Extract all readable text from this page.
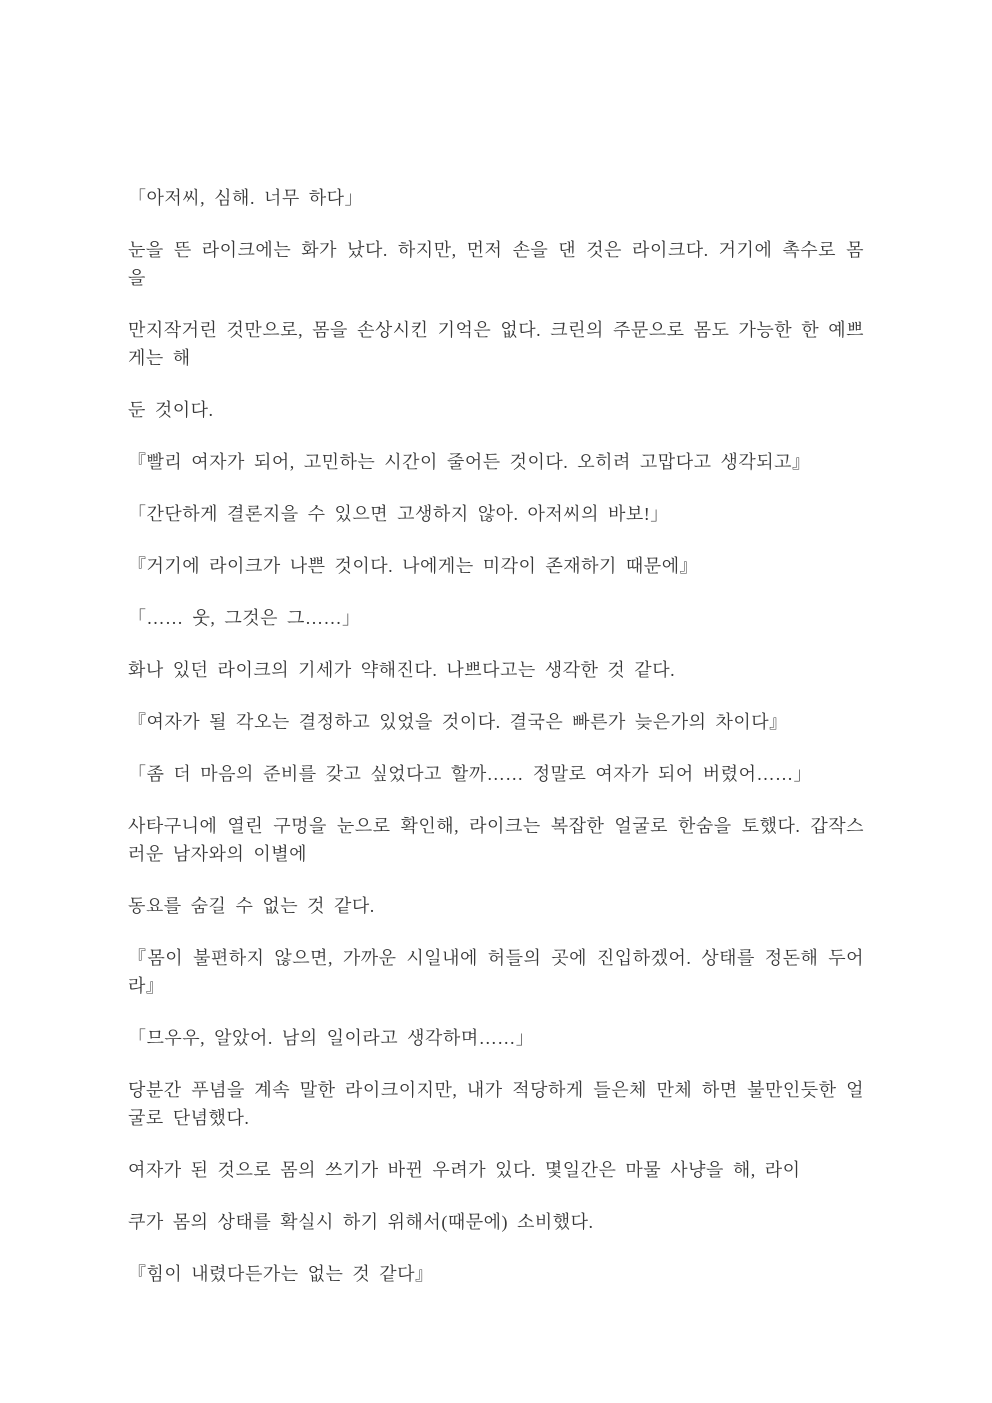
「아저씨, 심해. 너무 하다」

눈을 뜬 라이크에는 화가 났다. 하지만, 먼저 손을 댄 것은 라이크다. 거기에 촉수로 몸을

만지작거린 것만으로, 몸을 손상시킨 기억은 없다. 크린의 주문으로 몸도 가능한 한 예쁘게는 해

둔 것이다.

『빨리 여자가 되어, 고민하는 시간이 줄어든 것이다. 오히려 고맙다고 생각되고』

「간단하게 결론지을 수 있으면 고생하지 않아. 아저씨의 바보!」

『거기에 라이크가 나쁜 것이다. 나에게는 미각이 존재하기 때문에』

「…… 웃, 그것은 그……」

화나 있던 라이크의 기세가 약해진다. 나쁘다고는 생각한 것 같다.

『여자가 될 각오는 결정하고 있었을 것이다. 결국은 빠른가 늦은가의 차이다』

「좀 더 마음의 준비를 갖고 싶었다고 할까…… 정말로 여자가 되어 버렸어……」

사타구니에 열린 구멍을 눈으로 확인해, 라이크는 복잡한 얼굴로 한숨을 토했다. 갑작스러운 남자와의 이별에

동요를 숨길 수 없는 것 같다.

『몸이 불편하지 않으면, 가까운 시일내에 허들의 곳에 진입하겠어. 상태를 정돈해 두어라』

「므우우, 알았어. 남의 일이라고 생각하며……」

당분간 푸념을 계속 말한 라이크이지만, 내가 적당하게 들은체 만체 하면 불만인듯한 얼굴로 단념했다.

여자가 된 것으로 몸의 쓰기가 바뀐 우려가 있다. 몇일간은 마물 사냥을 해, 라이

쿠가 몸의 상태를 확실시 하기 위해서(때문에) 소비했다.

『힘이 내렸다든가는 없는 것 같다』
